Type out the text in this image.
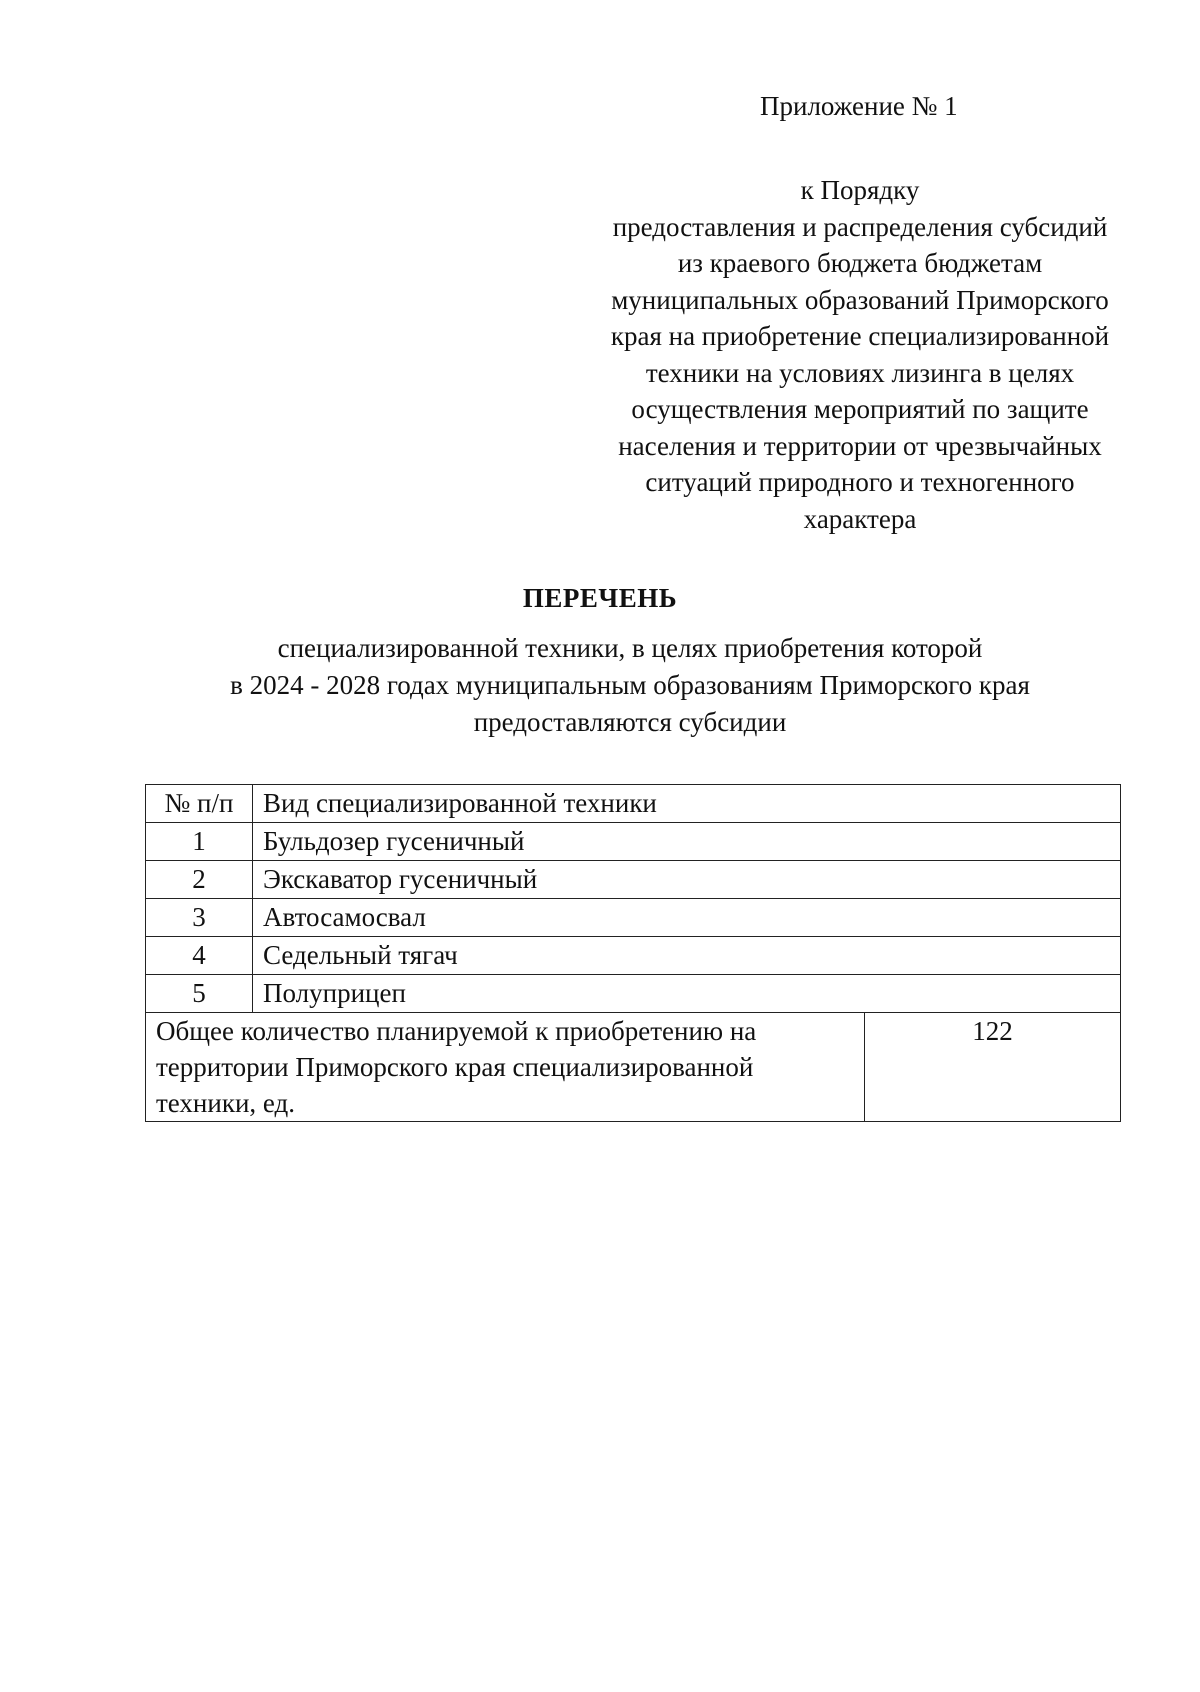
Приложение № 1
к Порядку
предоставления и распределения субсидий
из краевого бюджета бюджетам
муниципальных образований Приморского
края на приобретение специализированной
техники на условиях лизинга в целях
осуществления мероприятий по защите
населения и территории от чрезвычайных
ситуаций природного и техногенного
характера
ПЕРЕЧЕНЬ
специализированной техники, в целях приобретения которой
в 2024 - 2028 годах муниципальным образованиям Приморского края
предоставляются субсидии
№ п/п	Вид специализированной техники	
1	Бульдозер гусеничный	
2	Экскаватор гусеничный	
3	Автосамосвал	
4	Седельный тягач	
5	Полуприцеп	
Общее количество планируемой к приобретению на территории Приморского края специализированной техники, ед.		122
